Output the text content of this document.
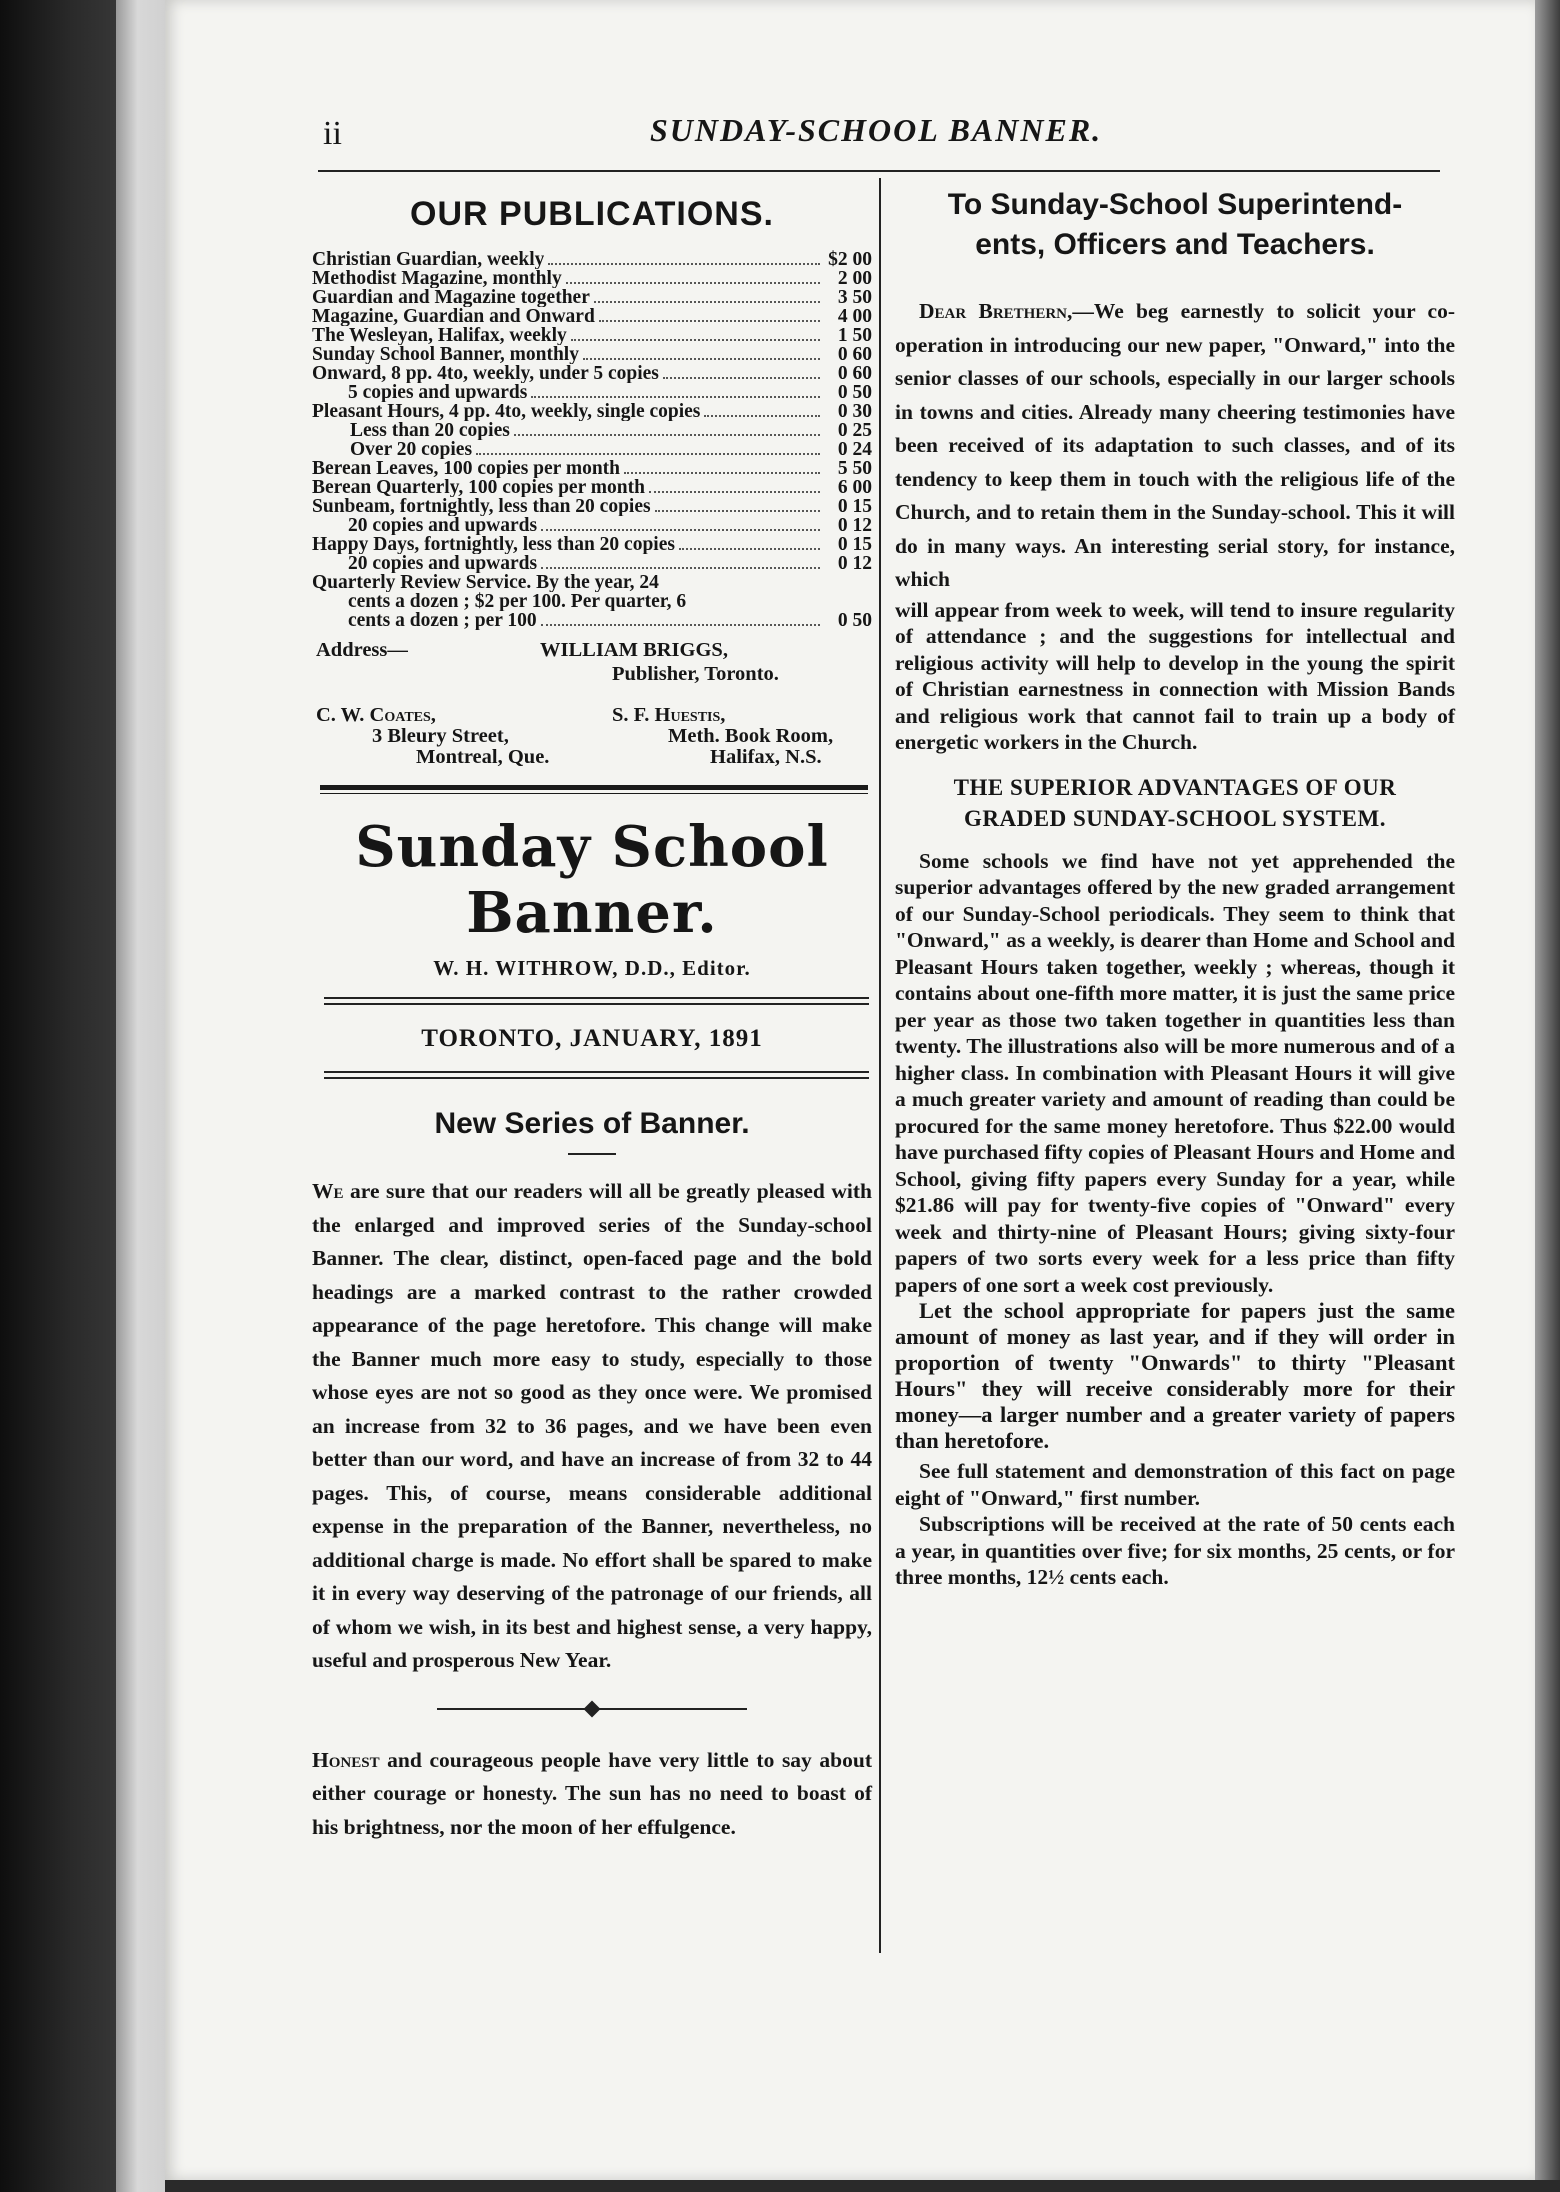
ii	SUNDAY-SCHOOL BANNER.
OUR PUBLICATIONS.
Christian Guardian, weekly	$2 00
Methodist Magazine, monthly	2 00
Guardian and Magazine together	3 50
Magazine, Guardian and Onward	4 00
The Wesleyan, Halifax, weekly	1 50
Sunday School Banner, monthly	0 60
Onward, 8 pp. 4to, weekly, under 5 copies	0 60
5 copies and upwards	0 50
Pleasant Hours, 4 pp. 4to, weekly, single copies	0 30
Less than 20 copies	0 25
Over 20 copies	0 24
Berean Leaves, 100 copies per month	5 50
Berean Quarterly, 100 copies per month	6 00
Sunbeam, fortnightly, less than 20 copies	0 15
20 copies and upwards	0 12
Happy Days, fortnightly, less than 20 copies	0 15
20 copies and upwards	0 12
Quarterly Review Service. By the year, 24
cents a dozen ; $2 per 100. Per quarter, 6
cents a dozen ; per 100	0 50
Address—	WILLIAM BRIGGS,
Publisher, Toronto.
C. W. Coates,
3 Bleury Street,
Montreal, Que.
S. F. Huestis,
Meth. Book Room,
Halifax, N.S.
Sunday School Banner.
W. H. WITHROW, D.D., Editor.
TORONTO, JANUARY, 1891
New Series of Banner.

We are sure that our readers will all be greatly pleased with the enlarged and improved series of the Sunday-school Banner. The clear, distinct, open-faced page and the bold headings are a marked contrast to the rather crowded appearance of the page heretofore. This change will make the Banner much more easy to study, especially to those whose eyes are not so good as they once were. We promised an increase from 32 to 36 pages, and we have been even better than our word, and have an increase of from 32 to 44 pages. This, of course, means considerable additional expense in the preparation of the Banner, nevertheless, no additional charge is made. No effort shall be spared to make it in every way deserving of the patronage of our friends, all of whom we wish, in its best and highest sense, a very happy, useful and prosperous New Year.

Honest and courageous people have very little to say about either courage or honesty. The sun has no need to boast of his brightness, nor the moon of her effulgence.

To Sunday-School Superintend-
ents, Officers and Teachers.

Dear Brethern,—We beg earnestly to solicit your co-operation in introducing our new paper, "Onward," into the senior classes of our schools, especially in our larger schools in towns and cities. Already many cheering testimonies have been received of its adaptation to such classes, and of its tendency to keep them in touch with the religious life of the Church, and to retain them in the Sunday-school. This it will do in many ways. An interesting serial story, for instance, which

will appear from week to week, will tend to insure regularity of attendance ; and the suggestions for intellectual and religious activity will help to develop in the young the spirit of Christian earnestness in connection with Mission Bands and religious work that cannot fail to train up a body of energetic workers in the Church.

THE SUPERIOR ADVANTAGES OF OUR
GRADED SUNDAY-SCHOOL SYSTEM.

Some schools we find have not yet apprehended the superior advantages offered by the new graded arrangement of our Sunday-School periodicals. They seem to think that "Onward," as a weekly, is dearer than Home and School and Pleasant Hours taken together, weekly ; whereas, though it contains about one-fifth more matter, it is just the same price per year as those two taken together in quantities less than twenty. The illustrations also will be more numerous and of a higher class. In combination with Pleasant Hours it will give a much greater variety and amount of reading than could be procured for the same money heretofore. Thus $22.00 would have purchased fifty copies of Pleasant Hours and Home and School, giving fifty papers every Sunday for a year, while $21.86 will pay for twenty-five copies of "Onward" every week and thirty-nine of Pleasant Hours; giving sixty-four papers of two sorts every week for a less price than fifty papers of one sort a week cost previously.

Let the school appropriate for papers just the same amount of money as last year, and if they will order in proportion of twenty "Onwards" to thirty "Pleasant Hours" they will receive considerably more for their money—a larger number and a greater variety of papers than heretofore.

See full statement and demonstration of this fact on page eight of "Onward," first number.

Subscriptions will be received at the rate of 50 cents each a year, in quantities over five; for six months, 25 cents, or for three months, 12½ cents each.
